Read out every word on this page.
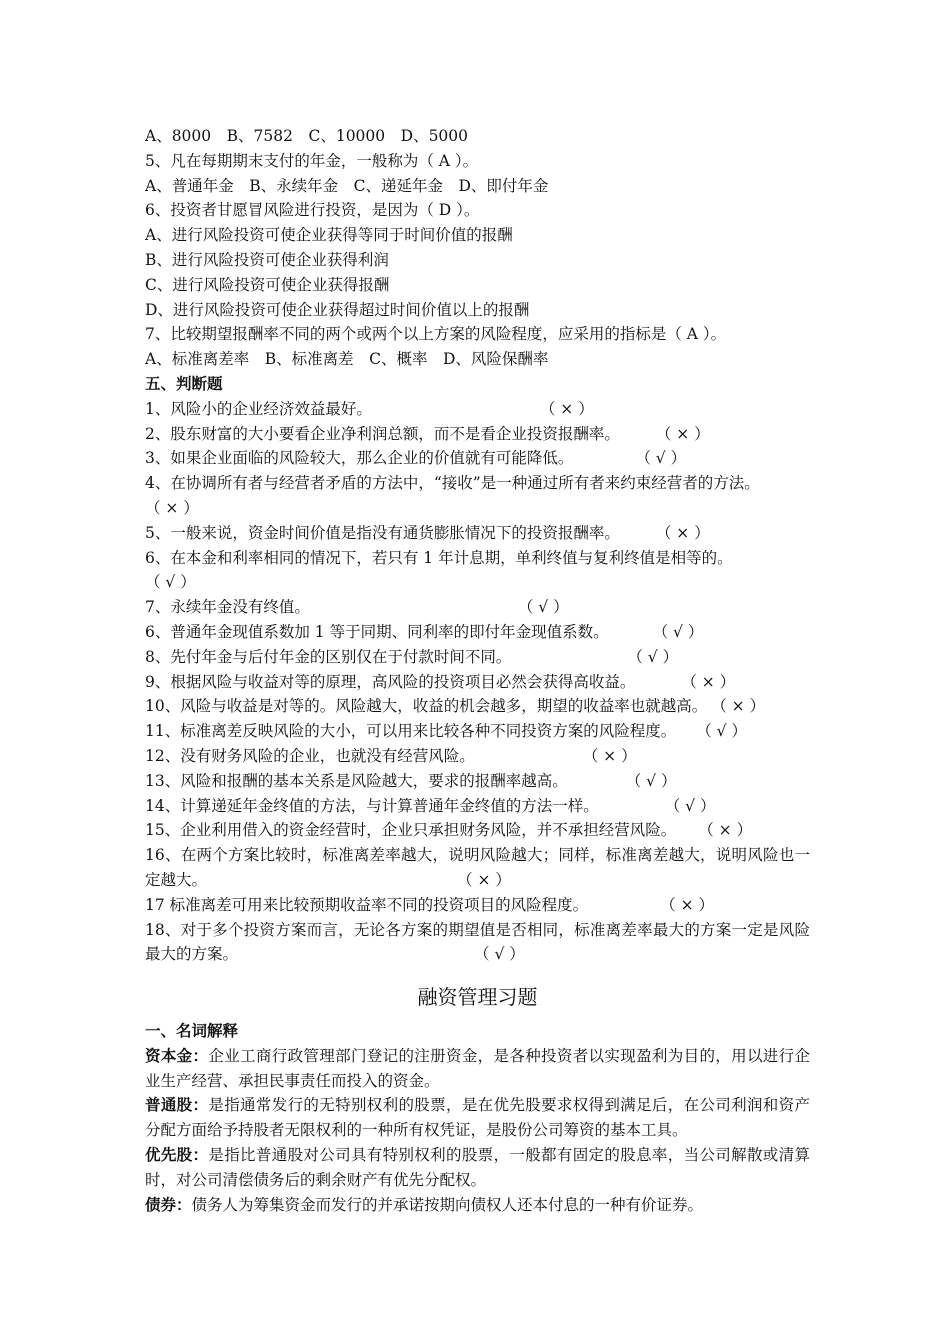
A、8000　B、7582　C、10000　D、5000
5、凡在每期期末支付的年金，一般称为（ A ）。
A、普通年金　B、永续年金　C、递延年金　D、即付年金
6、投资者甘愿冒风险进行投资，是因为（ D ）。
A、进行风险投资可使企业获得等同于时间价值的报酬
B、进行风险投资可使企业获得利润
C、进行风险投资可使企业获得报酬
D、进行风险投资可使企业获得超过时间价值以上的报酬
7、比较期望报酬率不同的两个或两个以上方案的风险程度，应采用的指标是（ A ）。
A、标准离差率　B、标准离差　C、概率　D、风险保酬率
五、判断题
1、风险小的企业经济效益最好。	（ × ）
2、股东财富的大小要看企业净利润总额，而不是看企业投资报酬率。 （ × ）
3、如果企业面临的风险较大，那么企业的价值就有可能降低。	（ √ ）
4、在协调所有者与经营者矛盾的方法中，“接收”是一种通过所有者来约束经营者的方法。
（ × ）
5、一般来说，资金时间价值是指没有通货膨胀情况下的投资报酬率。 （ × ）
6、在本金和利率相同的情况下，若只有 1 年计息期，单利终值与复利终值是相等的。
（ √ ）
7、永续年金没有终值。	（ √ ）
6、普通年金现值系数加 1 等于同期、同利率的即付年金现值系数。	（ √ ）
8、先付年金与后付年金的区别仅在于付款时间不同。	（ √ ）
9、根据风险与收益对等的原理，高风险的投资项目必然会获得高收益。	（ × ）
10、风险与收益是对等的。风险越大，收益的机会越多，期望的收益率也就越高。 （ × ）
11、标准离差反映风险的大小，可以用来比较各种不同投资方案的风险程度。 （ √ ）
12、没有财务风险的企业，也就没有经营风险。	（ × ）
13、风险和报酬的基本关系是风险越大，要求的报酬率越高。	（ √ ）
14、计算递延年金终值的方法，与计算普通年金终值的方法一样。	（ √ ）
15、企业利用借入的资金经营时，企业只承担财务风险，并不承担经营风险。 （ × ）
16、在两个方案比较时，标准离差率越大，说明风险越大；同样，标准离差越大，说明风险也一定越大。	（ × ）
17 标准离差可用来比较预期收益率不同的投资项目的风险程度。	（ × ）
18、对于多个投资方案而言，无论各方案的期望值是否相同，标准离差率最大的方案一定是风险最大的方案。	（ √ ）
融资管理习题
一、名词解释
资本金：企业工商行政管理部门登记的注册资金，是各种投资者以实现盈利为目的，用以进行企业生产经营、承担民事责任而投入的资金。
普通股：是指通常发行的无特别权利的股票，是在优先股要求权得到满足后，在公司利润和资产分配方面给予持股者无限权利的一种所有权凭证，是股份公司筹资的基本工具。
优先股：是指比普通股对公司具有特别权利的股票，一般都有固定的股息率，当公司解散或清算时，对公司清偿债务后的剩余财产有优先分配权。
债券：债务人为筹集资金而发行的并承诺按期向债权人还本付息的一种有价证券。
